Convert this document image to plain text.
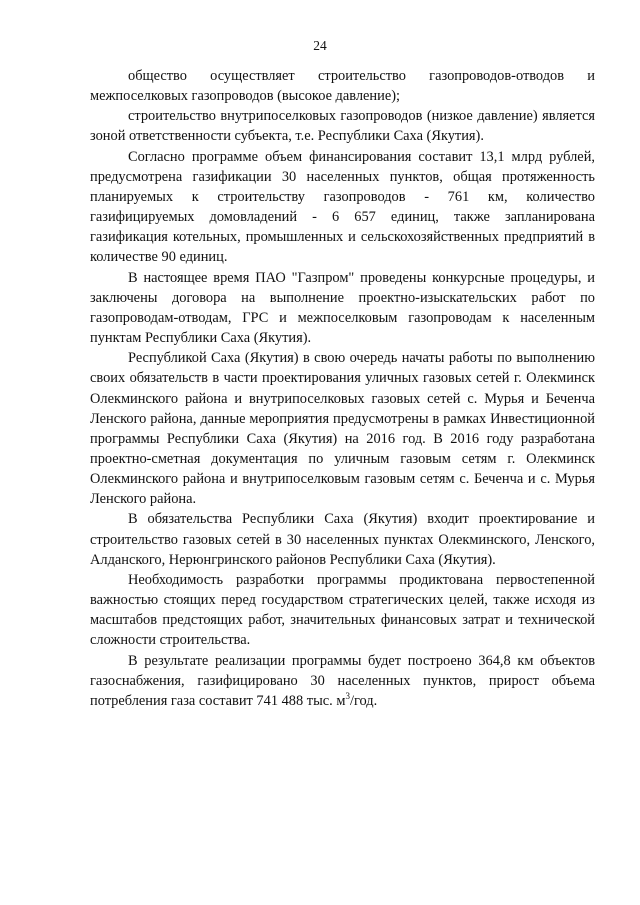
24

общество осуществляет строительство газопроводов-отводов и межпоселковых газопроводов (высокое давление);

строительство внутрипоселковых газопроводов (низкое давление) является зоной ответственности субъекта, т.е. Республики Саха (Якутия).

Согласно программе объем финансирования составит 13,1 млрд рублей, предусмотрена газификации 30 населенных пунктов, общая протяженность планируемых к строительству газопроводов - 761 км, количество газифицируемых домовладений - 6 657 единиц, также запланирована газификация котельных, промышленных и сельскохозяйственных предприятий в количестве 90 единиц.

В настоящее время ПАО "Газпром" проведены конкурсные процедуры, и заключены договора на выполнение проектно-изыскательских работ по газопроводам-отводам, ГРС и межпоселковым газопроводам к населенным пунктам Республики Саха (Якутия).

Республикой Саха (Якутия) в свою очередь начаты работы по выполнению своих обязательств в части проектирования уличных газовых сетей г. Олекминск Олекминского района и внутрипоселковых газовых сетей с. Мурья и Беченча Ленского района, данные мероприятия предусмотрены в рамках Инвестиционной программы Республики Саха (Якутия) на 2016 год. В 2016 году разработана проектно-сметная документация по уличным газовым сетям г. Олекминск Олекминского района и внутрипоселковым газовым сетям с. Беченча и с. Мурья Ленского района.

В обязательства Республики Саха (Якутия) входит проектирование и строительство газовых сетей в 30 населенных пунктах Олекминского, Ленского, Алданского, Нерюнгринского районов Республики Саха (Якутия).

Необходимость разработки программы продиктована первостепенной важностью стоящих перед государством стратегических целей, также исходя из масштабов предстоящих работ, значительных финансовых затрат и технической сложности строительства.

В результате реализации программы будет построено 364,8 км объектов газоснабжения, газифицировано 30 населенных пунктов, прирост объема потребления газа составит 741 488 тыс. $м^3$/год.
